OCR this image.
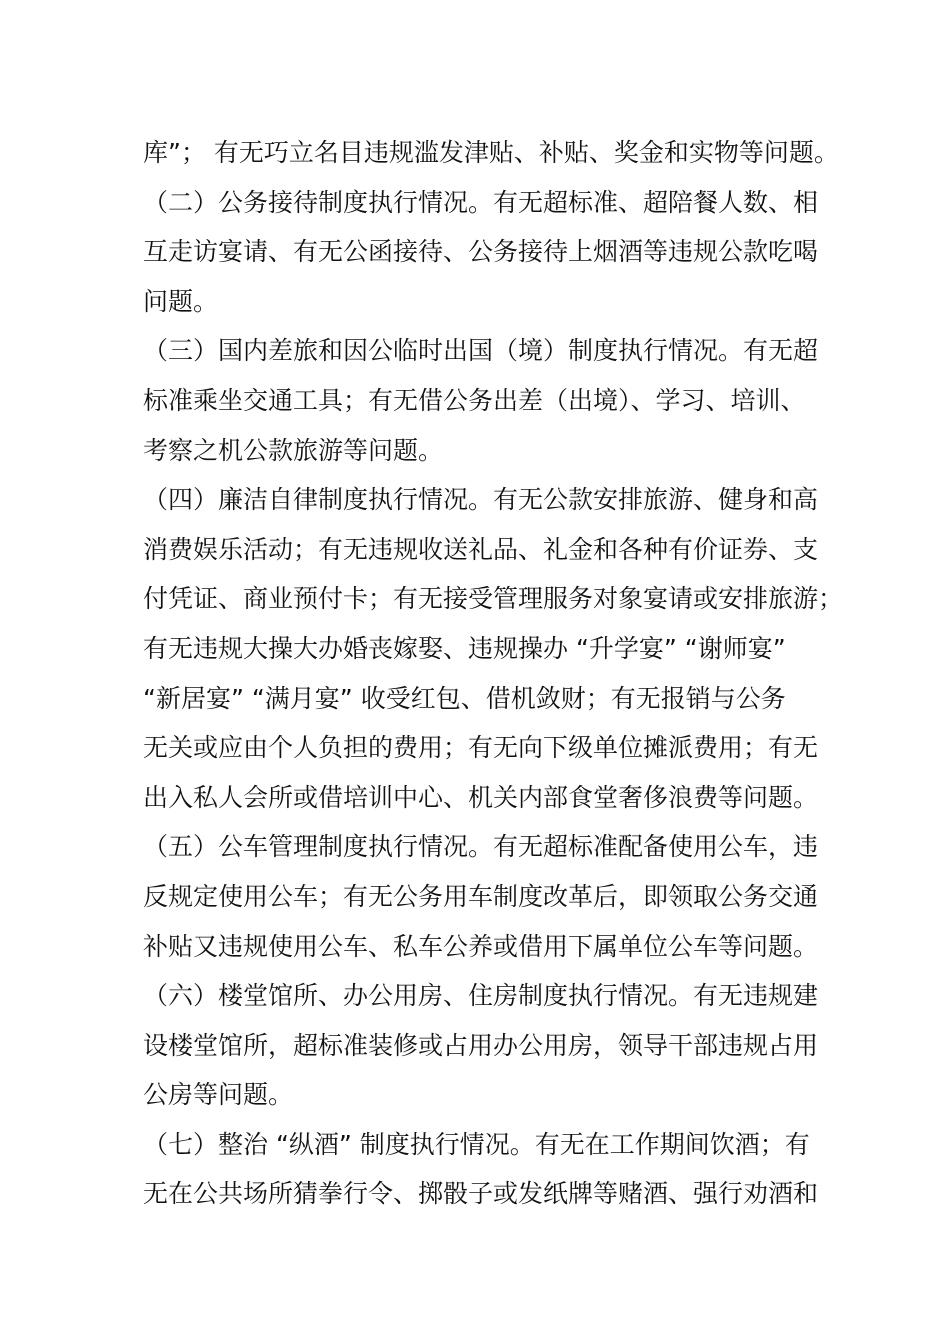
库”； 有无巧立名目违规滥发津贴、补贴、奖金和实物等问题。
（二）公务接待制度执行情况。有无超标准、超陪餐人数、相
互走访宴请、有无公函接待、公务接待上烟酒等违规公款吃喝
问题。
（三）国内差旅和因公临时出国（境）制度执行情况。有无超
标准乘坐交通工具；有无借公务出差（出境）、学习、培训、
考察之机公款旅游等问题。
（四）廉洁自律制度执行情况。有无公款安排旅游、健身和高
消费娱乐活动；有无违规收送礼品、礼金和各种有价证券、支
付凭证、商业预付卡；有无接受管理服务对象宴请或安排旅游；
有无违规大操大办婚丧嫁娶、违规操办 “升学宴” “谢师宴”
“新居宴” “满月宴” 收受红包、借机敛财；有无报销与公务
无关或应由个人负担的费用；有无向下级单位摊派费用；有无
出入私人会所或借培训中心、机关内部食堂奢侈浪费等问题。
（五）公车管理制度执行情况。有无超标准配备使用公车，违
反规定使用公车；有无公务用车制度改革后，即领取公务交通
补贴又违规使用公车、私车公养或借用下属单位公车等问题。
（六）楼堂馆所、办公用房、住房制度执行情况。有无违规建
设楼堂馆所，超标准装修或占用办公用房，领导干部违规占用
公房等问题。
（七）整治 “纵酒” 制度执行情况。有无在工作期间饮酒；有
无在公共场所猜拳行令、掷骰子或发纸牌等赌酒、强行劝酒和
